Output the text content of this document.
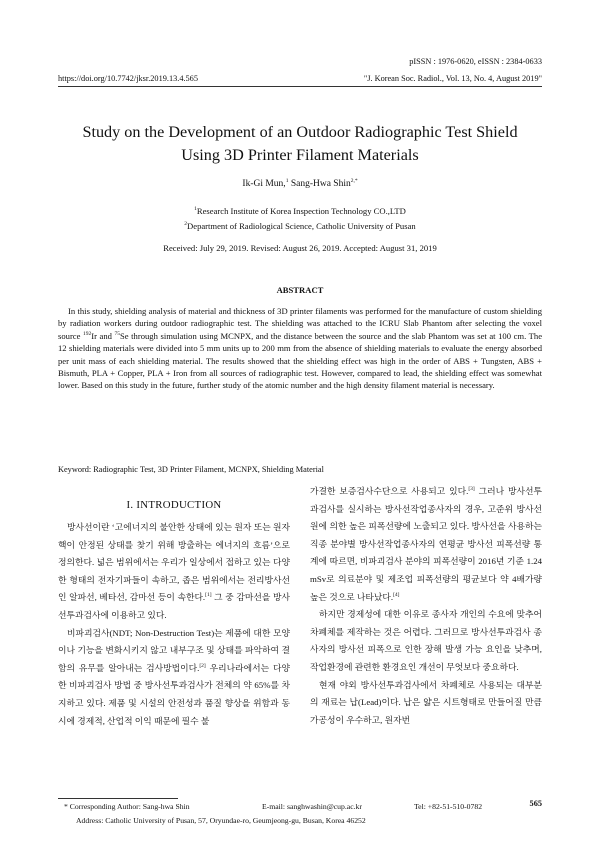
pISSN : 1976-0620, eISSN : 2384-0633
https://doi.org/10.7742/jksr.2019.13.4.565	"J. Korean Soc. Radiol., Vol. 13, No. 4, August 2019"
Study on the Development of an Outdoor Radiographic Test Shield
Using 3D Printer Filament Materials
Ik-Gi Mun,$^1$ Sang-Hwa Shin$^{2,*}$
$^1$Research Institute of Korea Inspection Technology CO.,LTD
$^2$Department of Radiological Science, Catholic University of Pusan
Received: July 29, 2019. Revised: August 26, 2019. Accepted: August 31, 2019
ABSTRACT
In this study, shielding analysis of material and thickness of 3D printer filaments was performed for the manufacture of custom shielding by radiation workers during outdoor radiographic test. The shielding was attached to the ICRU Slab Phantom after selecting the voxel source $^{192}$Ir and $^{75}$Se through simulation using MCNPX, and the distance between the source and the slab Phantom was set at 100 cm. The 12 shielding materials were divided into 5 mm units up to 200 mm from the absence of shielding materials to evaluate the energy absorbed per unit mass of each shielding material. The results showed that the shielding effect was high in the order of ABS + Tungsten, ABS + Bismuth, PLA + Copper, PLA + Iron from all sources of radiographic test. However, compared to lead, the shielding effect was somewhat lower. Based on this study in the future, further study of the atomic number and the high density filament material is necessary.
Keyword: Radiographic Test, 3D Printer Filament, MCNPX, Shielding Material
I. INTRODUCTION

방사선이란 ‘고에너지의 불안한 상태에 있는 원자 또는 원자핵이 안정된 상태를 찾기 위해 방출하는 에너지의 흐름’으로 정의한다. 넓은 범위에서는 우리가 일상에서 접하고 있는 다양한 형태의 전자기파들이 속하고, 좁은 범위에서는 전리방사선인 알파선, 베타선, 감마선 등이 속한다.[1] 그 중 감마선을 방사선투과검사에 이용하고 있다.

비파괴검사(NDT; Non-Destruction Test)는 제품에 대한 모양이나 기능을 변화시키지 않고 내부구조 및 상태를 파악하여 결함의 유무를 알아내는 검사방법이다.[2] 우리나라에서는 다양한 비파괴검사 방법 중 방사선투과검사가 전체의 약 65%를 차지하고 있다. 제품 및 시설의 안전성과 품질 향상을 위함과 동시에 경제적, 산업적 이익 때문에 필수 불

가결한 보증검사수단으로 사용되고 있다.[3] 그러나 방사선투과검사를 실시하는 방사선작업종사자의 경우, 고준위 방사선원에 의한 높은 피폭선량에 노출되고 있다. 방사선을 사용하는 직종 분야별 방사선작업종사자의 연평균 방사선 피폭선량 통계에 따르면, 비파괴검사 분야의 피폭선량이 2016년 기준 1.24 mSv로 의료분야 및 제조업 피폭선량의 평균보다 약 4배가량 높은 것으로 나타났다.[4]

하지만 경제성에 대한 이유로 종사자 개인의 수요에 맞추어 차폐체를 제작하는 것은 어렵다. 그러므로 방사선투과검사 종사자의 방사선 피폭으로 인한 장해 발생 가능 요인을 낮추며, 작업환경에 관련한 환경요인 개선이 무엇보다 중요하다.

현재 야외 방사선투과검사에서 차폐체로 사용되는 대부분의 재료는 납(Lead)이다. 납은 얇은 시트형태로 만들어질 만큼 가공성이 우수하고, 원자번

* Corresponding Author: Sang-hwa Shin	E-mail: sanghwashin@cup.ac.kr	Tel: +82-51-510-0782
Address: Catholic University of Pusan, 57, Oryundae-ro, Geumjeong-gu, Busan, Korea 46252
565
